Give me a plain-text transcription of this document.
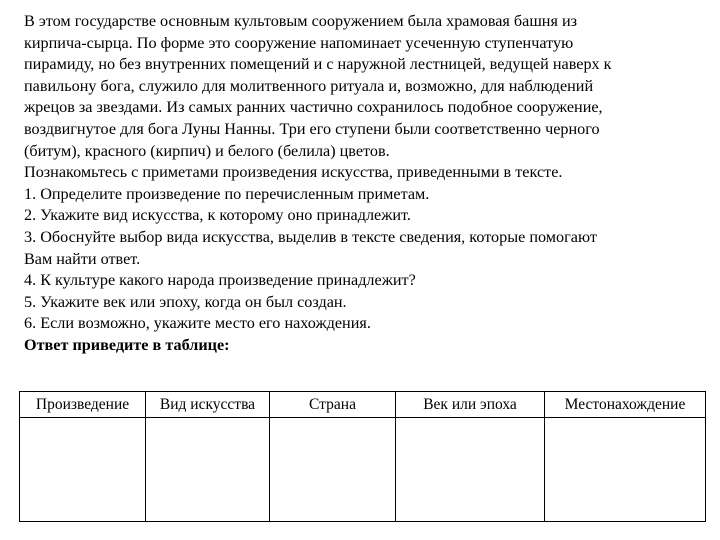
В этом государстве основным культовым сооружением была храмовая башня из
кирпича-сырца. По форме это сооружение напоминает усеченную ступенчатую
пирамиду, но без внутренних помещений и с наружной лестницей, ведущей наверх к
павильону бога, служило для молитвенного ритуала и, возможно, для наблюдений
жрецов за звездами. Из самых ранних частично сохранилось подобное сооружение,
воздвигнутое для бога Луны Нанны. Три его ступени были соответственно черного
(битум), красного (кирпич) и белого (белила) цветов.
Познакомьтесь с приметами произведения искусства, приведенными в тексте.
1. Определите произведение по перечисленным приметам.
2. Укажите вид искусства, к которому оно принадлежит.
3. Обоснуйте выбор вида искусства, выделив в тексте сведения, которые помогают
Вам найти ответ.
4. К культуре какого народа произведение принадлежит?
5. Укажите век или эпоху, когда он был создан.
6. Если возможно, укажите место его нахождения.
Ответ приведите в таблице:
Произведение	Вид искусства	Страна	Век или эпоха	Местонахождение
